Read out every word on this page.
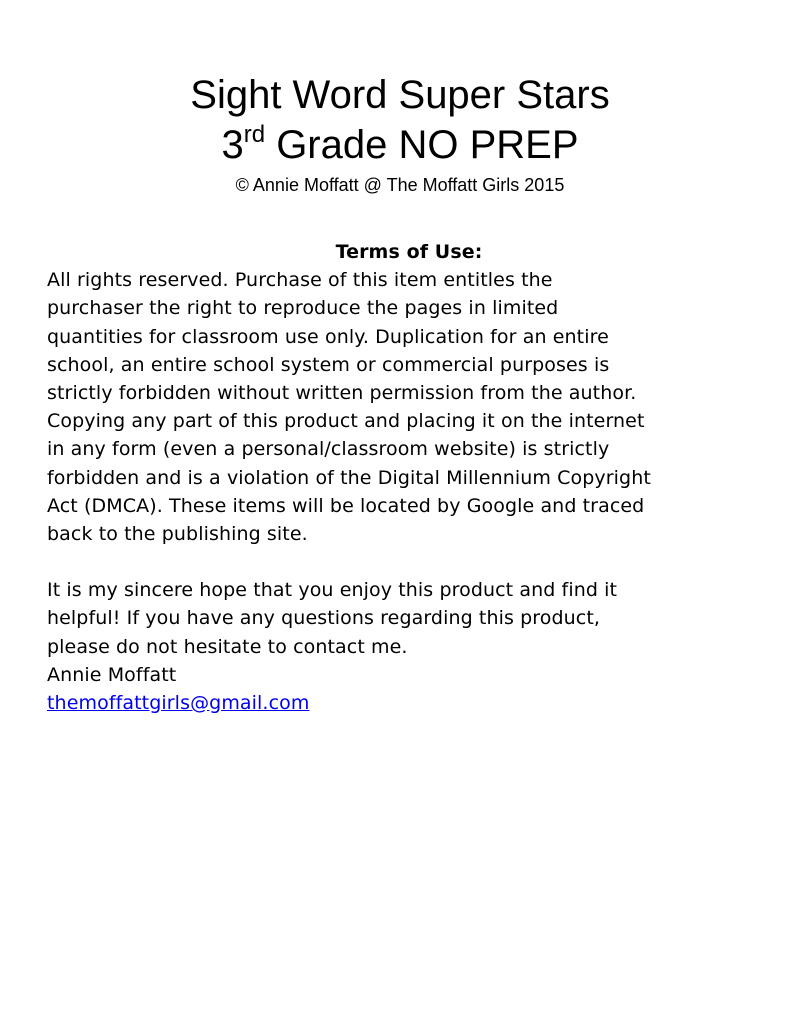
Sight Word Super Stars
3rd Grade NO PREP
© Annie Moffatt @ The Moffatt Girls 2015
Terms of Use:
All rights reserved. Purchase of this item entitles the
purchaser the right to reproduce the pages in limited
quantities for classroom use only. Duplication for an entire
school, an entire school system or commercial purposes is
strictly forbidden without written permission from the author.
Copying any part of this product and placing it on the internet
in any form (even a personal/classroom website) is strictly
forbidden and is a violation of the Digital Millennium Copyright
Act (DMCA). These items will be located by Google and traced
back to the publishing site.
It is my sincere hope that you enjoy this product and find it
helpful! If you have any questions regarding this product,
please do not hesitate to contact me.
Annie Moffatt
themoffattgirls@gmail.com
